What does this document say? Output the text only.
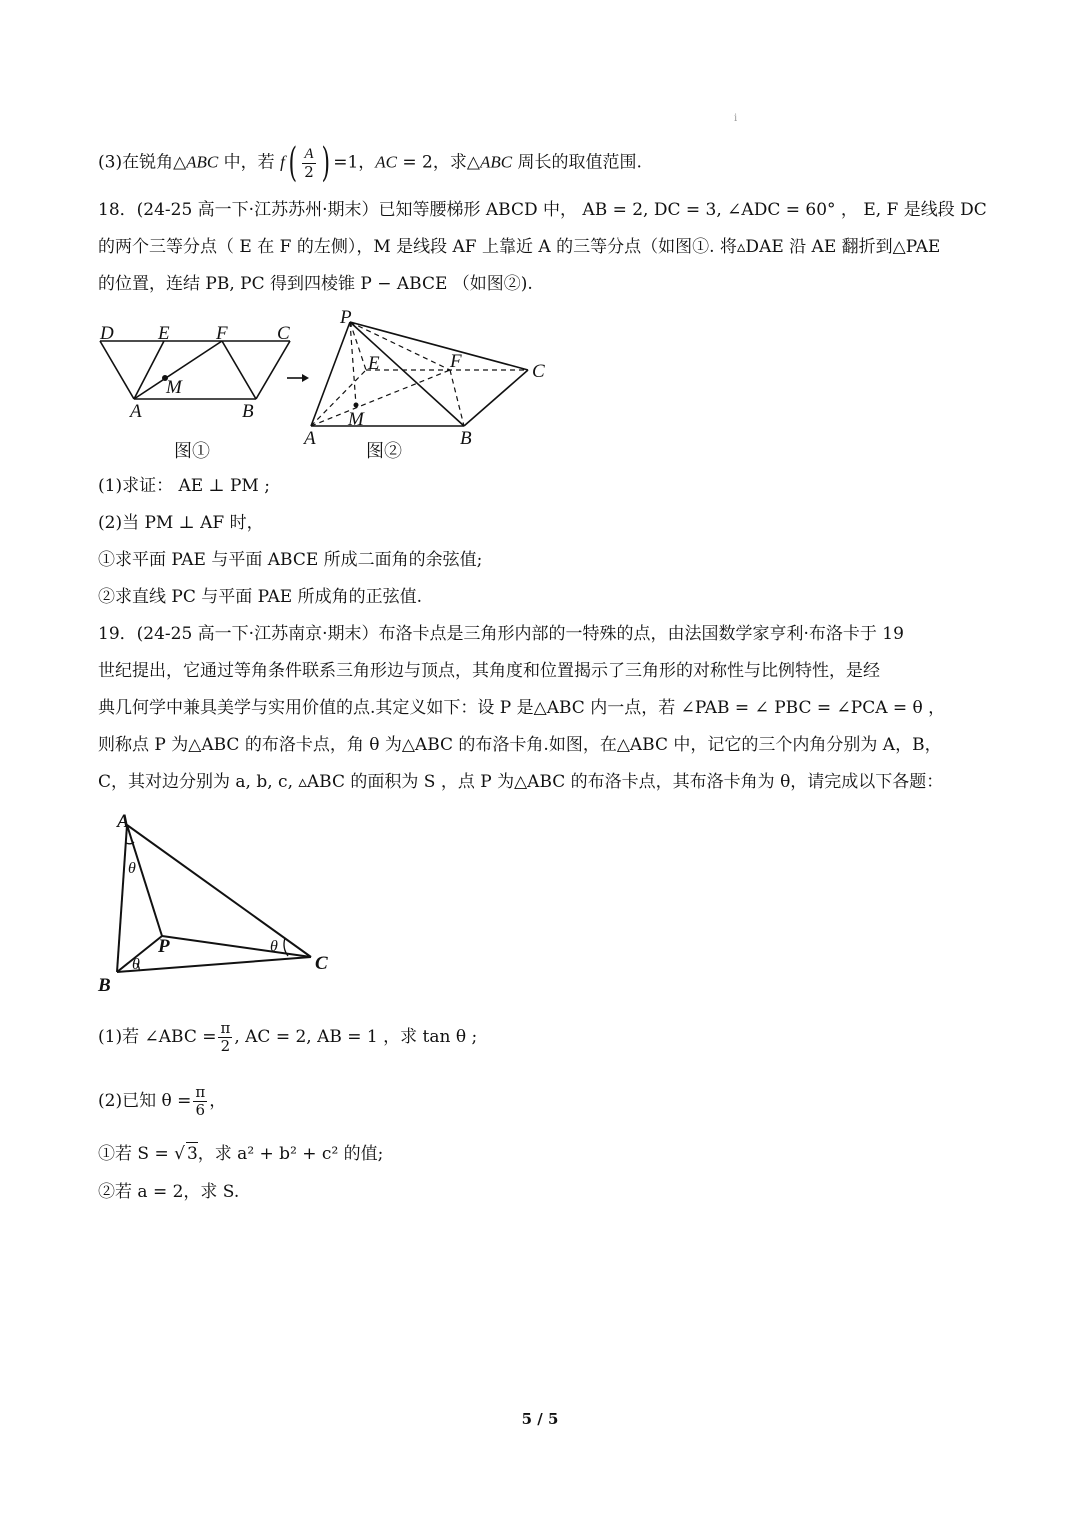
i
(3)在锐角△ABC 中，若 $f( \frac{A}{2}$ ) =1，AC = 2，求△ABC 周长的取值范围.
18．(24-25 高一下·江苏苏州·期末）已知等腰梯形 ABCD 中， AB = 2, DC = 3, ∠ADC = 60° ， E, F 是线段 DC
的两个三等分点（ E 在 F 的左侧），M 是线段 AF 上靠近 A 的三等分点（如图①. 将▵DAE 沿 AE 翻折到△PAE
的位置，连结 PB, PC 得到四棱锥 P − ABCE （如图②).
D E F	C
M
A	B
图①
P
E	F	C
M
A	B
图②
(1)求证： AE ⊥ PM ;
(2)当 PM ⊥ AF 时，
①求平面 PAE 与平面 ABCE 所成二面角的余弦值;
②求直线 PC 与平面 PAE 所成角的正弦值.
19．(24-25 高一下·江苏南京·期末）布洛卡点是三角形内部的一特殊的点，由法国数学家亨利·布洛卡于 19
世纪提出，它通过等角条件联系三角形边与顶点，其角度和位置揭示了三角形的对称性与比例特性，是经
典几何学中兼具美学与实用价值的点.其定义如下：设 P 是△ABC 内一点，若 ∠PAB = ∠ PBC = ∠PCA = θ ，
则称点 P 为△ABC 的布洛卡点，角 θ 为△ABC 的布洛卡角.如图，在△ABC 中，记它的三个内角分别为 A，B，
C，其对边分别为 a, b, c, ▵ABC 的面积为 S ，点 P 为△ABC 的布洛卡点，其布洛卡角为 θ，请完成以下各题：
A
B
C
P
θ
θ
θ
(1)若 ∠ABC = $\frac{\pi}{2}$ , AC = 2, AB = 1 ，求 tan θ ;
(2)已知 $\theta = \frac{\pi}{6}$ ，
①若 S = √ 3，求 a² + b² + c² 的值;
②若 a = 2，求 S.
5 / 5
